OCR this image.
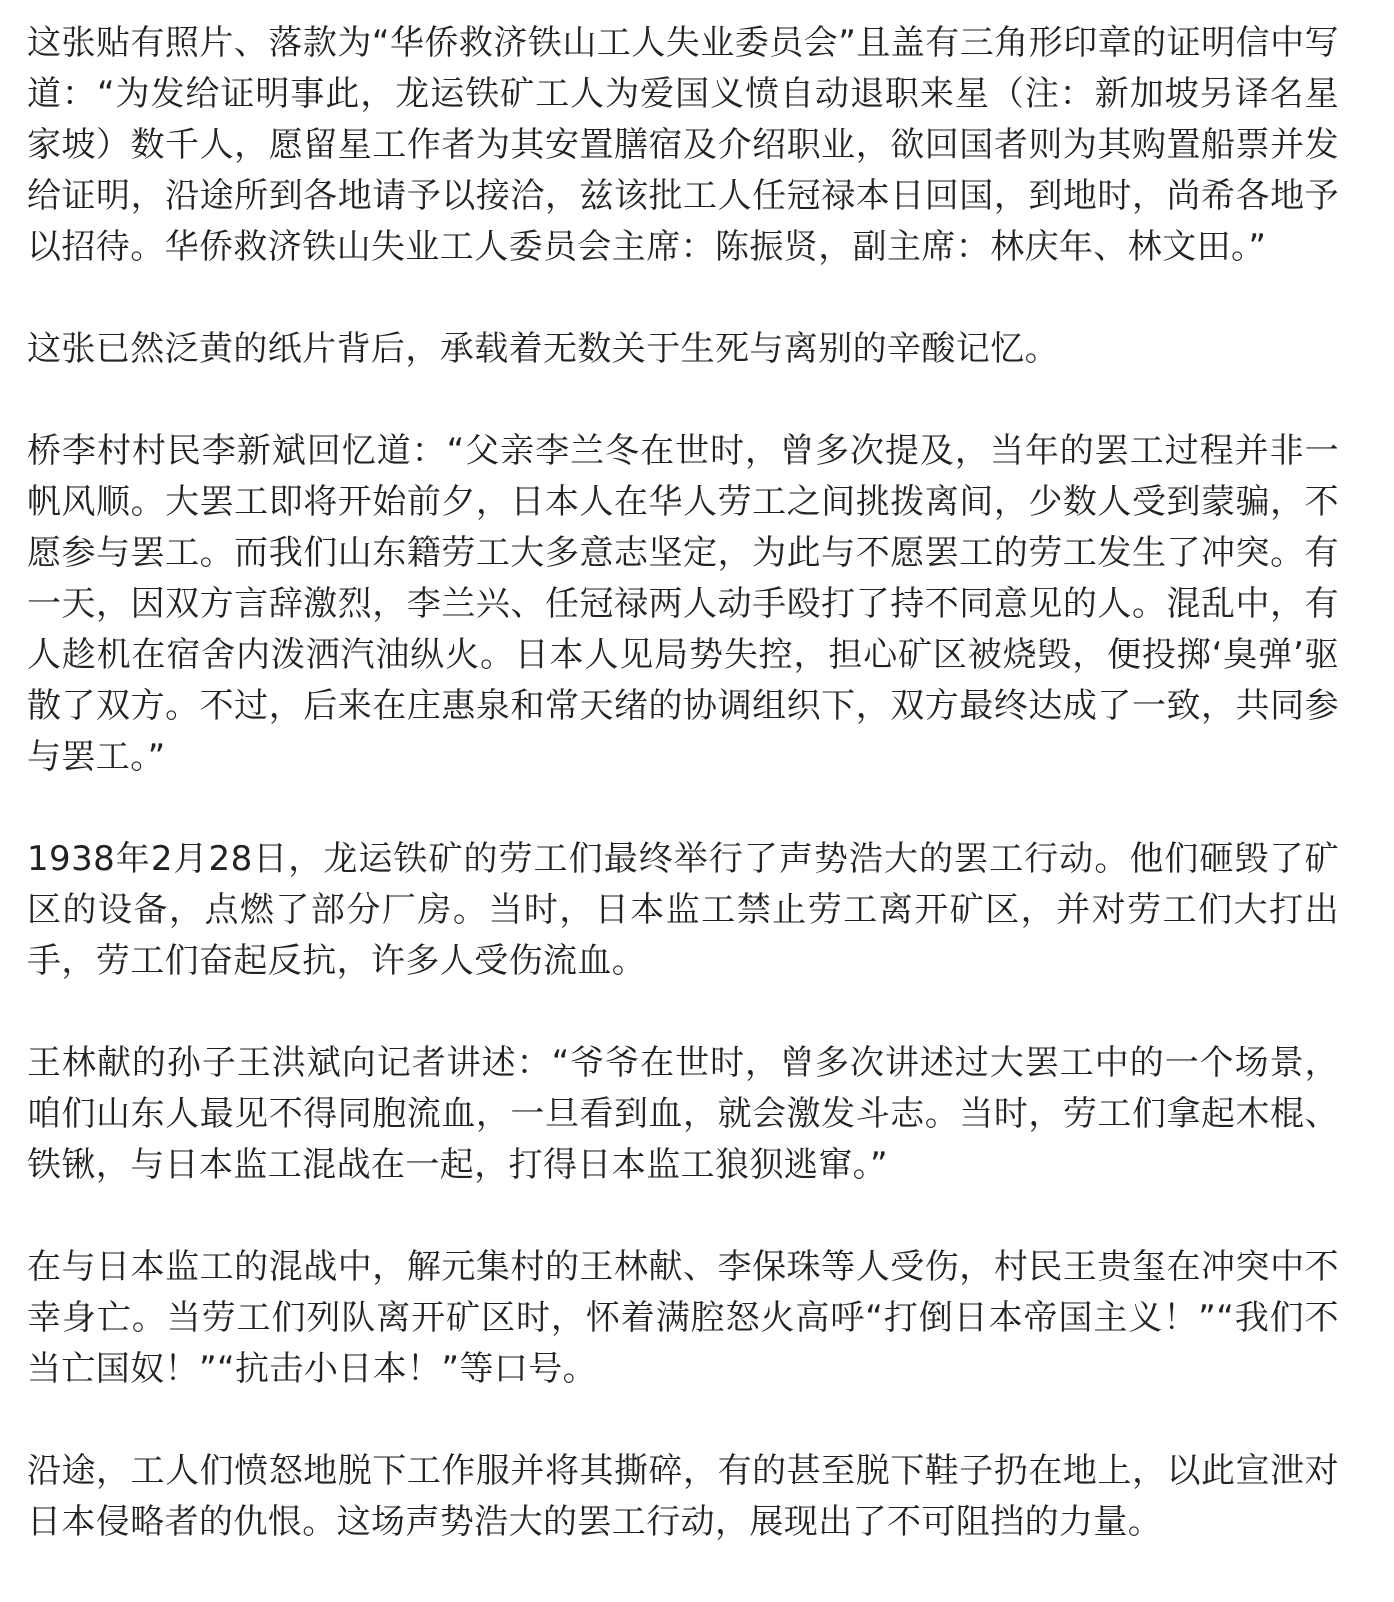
这张贴有照片、落款为“华侨救济铁山工人失业委员会”且盖有三角形印章的证明信中写道：“为发给证明事此，龙运铁矿工人为爱国义愤自动退职来星（注：新加坡另译名星家坡）数千人，愿留星工作者为其安置膳宿及介绍职业，欲回国者则为其购置船票并发给证明，沿途所到各地请予以接洽，兹该批工人任冠禄本日回国，到地时，尚希各地予以招待。华侨救济铁山失业工人委员会主席：陈振贤，副主席：林庆年、林文田。”

这张已然泛黄的纸片背后，承载着无数关于生死与离别的辛酸记忆。

桥李村村民李新斌回忆道：“父亲李兰冬在世时，曾多次提及，当年的罢工过程并非一帆风顺。大罢工即将开始前夕，日本人在华人劳工之间挑拨离间，少数人受到蒙骗，不愿参与罢工。而我们山东籍劳工大多意志坚定，为此与不愿罢工的劳工发生了冲突。有一天，因双方言辞激烈，李兰兴、任冠禄两人动手殴打了持不同意见的人。混乱中，有人趁机在宿舍内泼洒汽油纵火。日本人见局势失控，担心矿区被烧毁，便投掷‘臭弹’驱散了双方。不过，后来在庄惠泉和常天绪的协调组织下，双方最终达成了一致，共同参与罢工。”

1938年2月28日，龙运铁矿的劳工们最终举行了声势浩大的罢工行动。他们砸毁了矿区的设备，点燃了部分厂房。当时，日本监工禁止劳工离开矿区，并对劳工们大打出手，劳工们奋起反抗，许多人受伤流血。

王林献的孙子王洪斌向记者讲述：“爷爷在世时，曾多次讲述过大罢工中的一个场景，咱们山东人最见不得同胞流血，一旦看到血，就会激发斗志。当时，劳工们拿起木棍、铁锹，与日本监工混战在一起，打得日本监工狼狈逃窜。”

在与日本监工的混战中，解元集村的王林献、李保珠等人受伤，村民王贵玺在冲突中不幸身亡。当劳工们列队离开矿区时，怀着满腔怒火高呼“打倒日本帝国主义！”“我们不当亡国奴！”“抗击小日本！”等口号。

沿途，工人们愤怒地脱下工作服并将其撕碎，有的甚至脱下鞋子扔在地上，以此宣泄对日本侵略者的仇恨。这场声势浩大的罢工行动，展现出了不可阻挡的力量。
